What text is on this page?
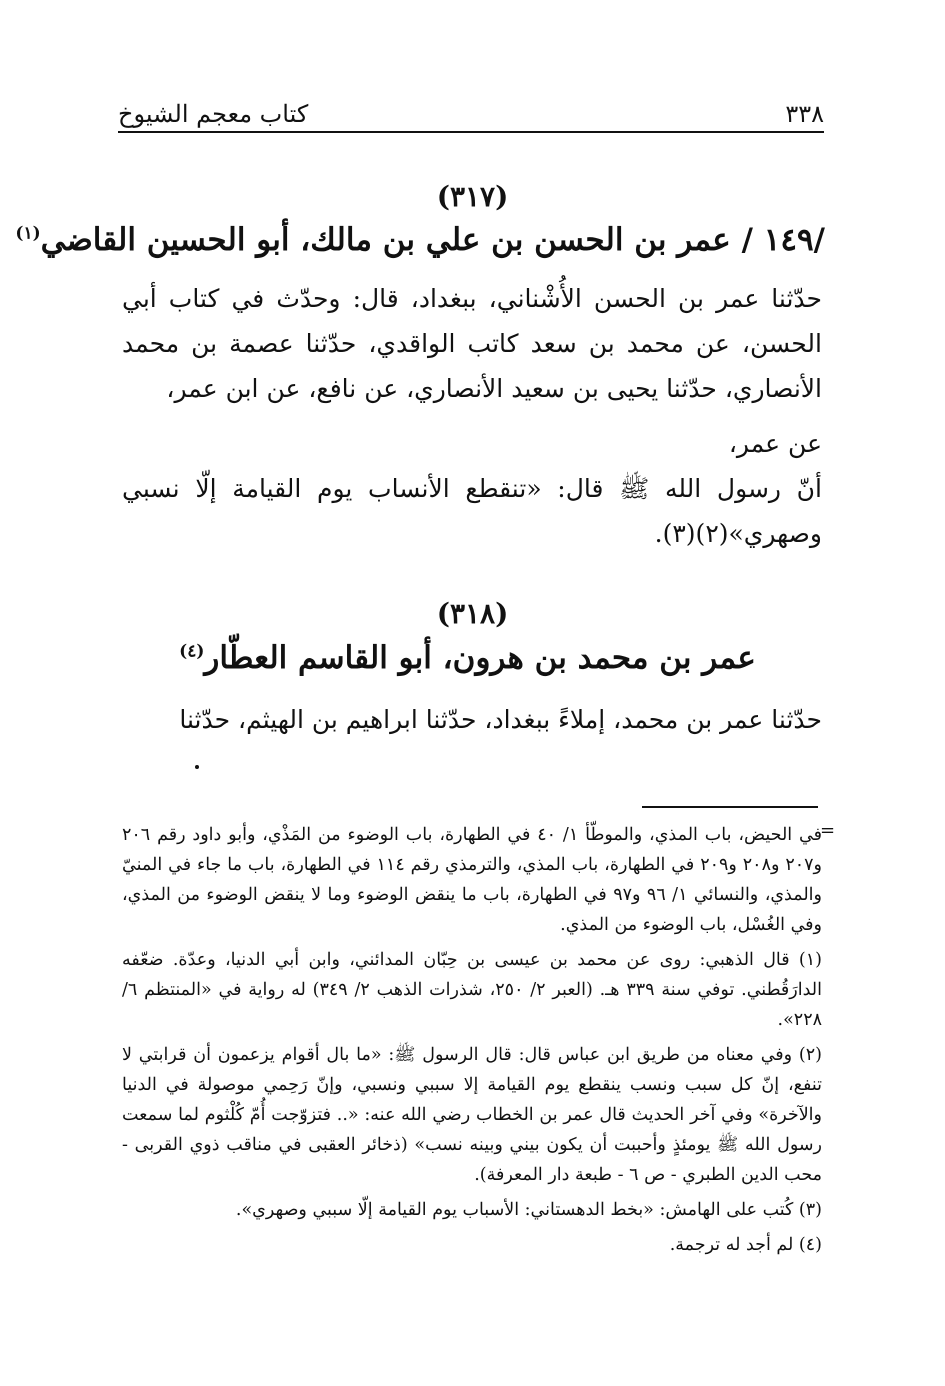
٣٣٨
كتاب معجم الشيوخ
(٣١٧)
/١٤٩ / عمر بن الحسن بن علي بن مالك، أبو الحسين القاضي$^{(١)}$

حدّثنا عمر بن الحسن الأُشْناني، ببغداد، قال: وحدّث في كتاب أبي الحسن، عن محمد بن سعد كاتب الواقدي، حدّثنا عصمة بن محمد الأنصاري، حدّثنا يحيى بن سعيد الأنصاري، عن نافع، عن ابن عمر،

عن عمر،

أنّ رسول الله ﷺ قال: «تنقطع الأنساب يوم القيامة إلّا نسبي وصهري»(٢)(٣).

(٣١٨)
عمر بن محمد بن هرون، أبو القاسم العطّار$^{(٤)}$

حدّثنا عمر بن محمد، إملاءً ببغداد، حدّثنا ابراهيم بن الهيثم، حدّثنا

=

في الحيض، باب المذي، والموطّأ ١/ ٤٠ في الطهارة، باب الوضوء من المَذْي، وأبو داود رقم ٢٠٦ و٢٠٧ و٢٠٨ و٢٠٩ في الطهارة، باب المذي، والترمذي رقم ١١٤ في الطهارة، باب ما جاء في المنيّ والمذي، والنسائي ١/ ٩٦ و٩٧ في الطهارة، باب ما ينقض الوضوء وما لا ينقض الوضوء من المذي، وفي الغُسْل، باب الوضوء من المذي.

(١) قال الذهبي: روى عن محمد بن عيسى بن حِبّان المدائني، وابن أبي الدنيا، وعدّة. ضعّفه الدارَقُطني. توفي سنة ٣٣٩ هـ. (العبر ٢/ ٢٥٠، شذرات الذهب ٢/ ٣٤٩) له رواية في «المنتظم ٦/ ٢٢٨».

(٢) وفي معناه من طريق ابن عباس قال: قال الرسول ﷺ: «ما بال أقوام يزعمون أن قرابتي لا تنفع، إنّ كل سبب ونسب ينقطع يوم القيامة إلا سببي ونسبي، وإنّ رَحِمي موصولة في الدنيا والآخرة» وفي آخر الحديث قال عمر بن الخطاب رضي الله عنه: «.. فتزوّجت أُمّ كُلْثوم لما سمعت رسول الله ﷺ يومئذٍ وأحببت أن يكون بيني وبينه نسب» (ذخائر العقبى في مناقب ذوي القربى - محب الدين الطبري - ص ٦ - طبعة دار المعرفة).

(٣) كُتب على الهامش: «بخط الدهستاني: الأسباب يوم القيامة إلّا سببي وصهري».

(٤) لم أجد له ترجمة.
